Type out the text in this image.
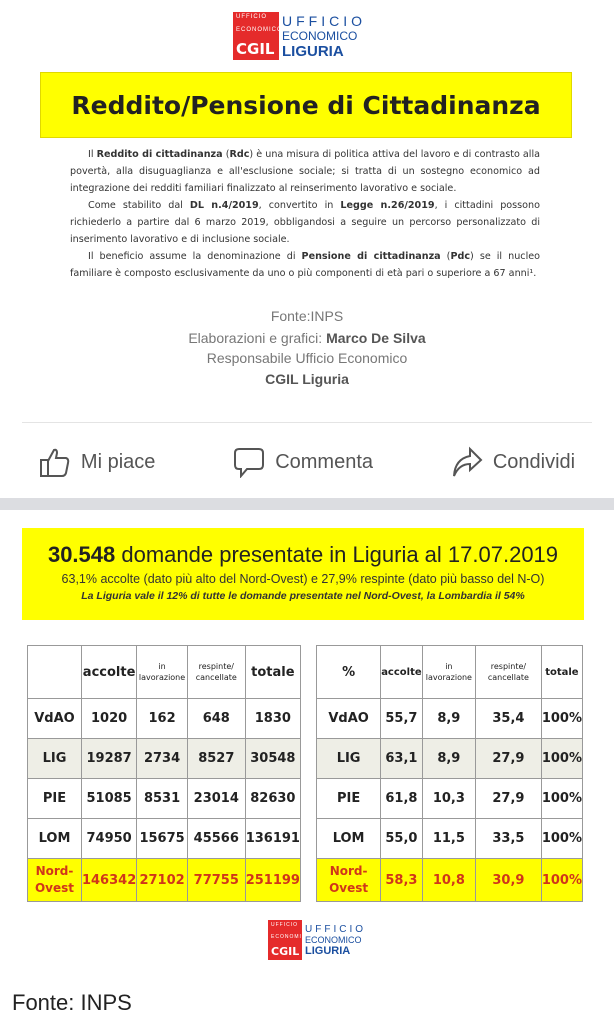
UFFICIO
ECONOMICO
CGIL
UFFICIO
ECONOMICO
LIGURIA
Reddito/Pensione di Cittadinanza

Il Reddito di cittadinanza (Rdc) è una misura di politica attiva del lavoro e di contrasto alla povertà, alla disuguaglianza e all'esclusione sociale; si tratta di un sostegno economico ad integrazione dei redditi familiari finalizzato al reinserimento lavorativo e sociale.

Come stabilito dal DL n.4/2019, convertito in Legge n.26/2019, i cittadini possono richiederlo a partire dal 6 marzo 2019, obbligandosi a seguire un percorso personalizzato di inserimento lavorativo e di inclusione sociale.

Il beneficio assume la denominazione di Pensione di cittadinanza (Pdc) se il nucleo familiare è composto esclusivamente da uno o più componenti di età pari o superiore a 67 anni¹.

Fonte:INPS
Elaborazioni e grafici: Marco De Silva
Responsabile Ufficio Economico
CGIL Liguria
Mi piace	Commenta	Condividi
30.548 domande presentate in Liguria al 17.07.2019
63,1% accolte (dato più alto del Nord-Ovest) e 27,9% respinte (dato più basso del N-O)
La Liguria vale il 12% di tutte le domande presentate nel Nord-Ovest, la Lombardia il 54%
	accolte	in lavorazione	respinte/ cancellate	totale
VdAO	1020	162	648	1830
LIG	19287	2734	8527	30548
PIE	51085	8531	23014	82630
LOM	74950	15675	45566	136191
Nord-Ovest	146342	27102	77755	251199
%	accolte	in lavorazione	respinte/ cancellate	totale
VdAO	55,7	8,9	35,4	100%
LIG	63,1	8,9	27,9	100%
PIE	61,8	10,3	27,9	100%
LOM	55,0	11,5	33,5	100%
Nord-Ovest	58,3	10,8	30,9	100%
UFFICIO
ECONOMICO
CGIL
UFFICIO
ECONOMICO
LIGURIA
Fonte: INPS
